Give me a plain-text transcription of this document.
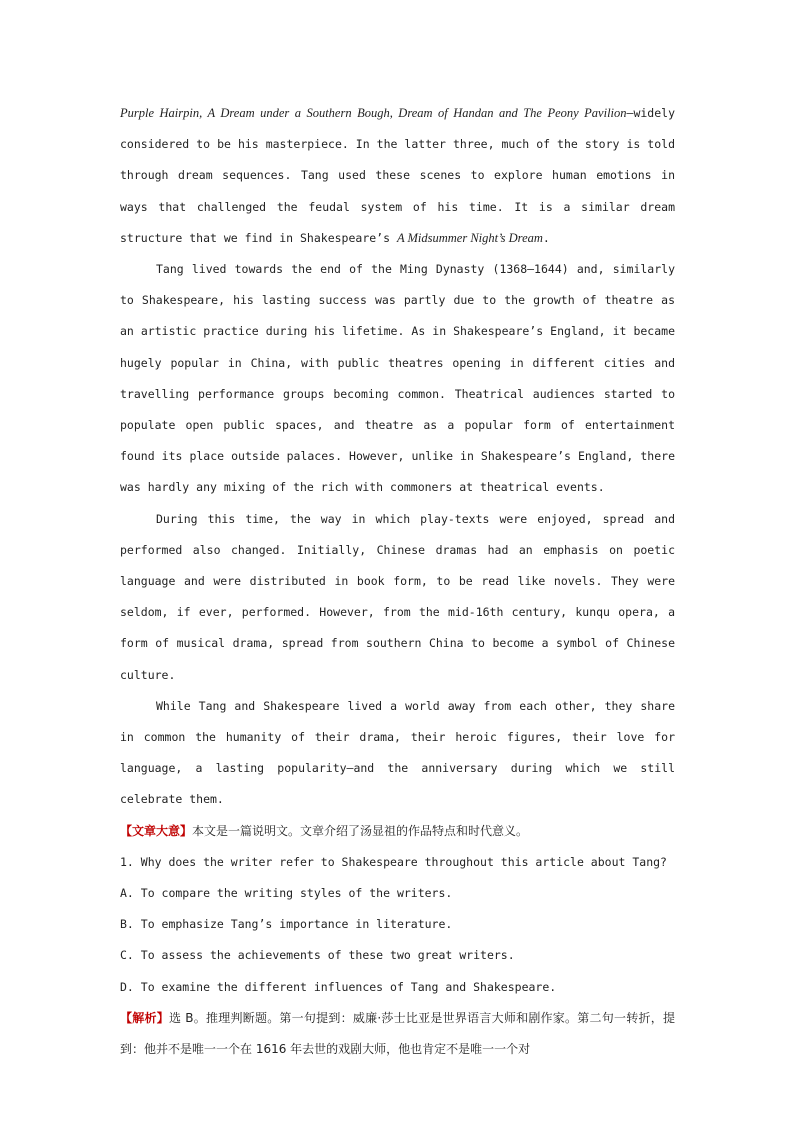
Purple Hairpin, A Dream under a Southern Bough, Dream of Handan and The Peony Pavilion—widely considered to be his masterpiece. In the latter three, much of the story is told through dream sequences. Tang used these scenes to explore human emotions in ways that challenged the feudal system of his time. It is a similar dream structure that we find in Shakespeare’s A Midsummer Night’s Dream.

Tang lived towards the end of the Ming Dynasty (1368—1644) and, similarly to Shakespeare, his lasting success was partly due to the growth of theatre as an artistic practice during his lifetime. As in Shakespeare’s England, it became hugely popular in China, with public theatres opening in different cities and travelling performance groups becoming common. Theatrical audiences started to populate open public spaces, and theatre as a popular form of entertainment found its place outside palaces. However, unlike in Shakespeare’s England, there was hardly any mixing of the rich with commoners at theatrical events.

During this time, the way in which play-texts were enjoyed, spread and performed also changed. Initially, Chinese dramas had an emphasis on poetic language and were distributed in book form, to be read like novels. They were seldom, if ever, performed. However, from the mid-16th century, kunqu opera, a form of musical drama, spread from southern China to become a symbol of Chinese culture.

While Tang and Shakespeare lived a world away from each other, they share in common the humanity of their drama, their heroic figures, their love for language, a lasting popularity—and the anniversary during which we still celebrate them.

【文章大意】本文是一篇说明文。文章介绍了汤显祖的作品特点和时代意义。

1. Why does the writer refer to Shakespeare throughout this article about Tang?

A. To compare the writing styles of the writers.

B. To emphasize Tang’s importance in literature.

C. To assess the achievements of these two great writers.

D. To examine the different influences of Tang and Shakespeare.

【解析】选 B。推理判断题。第一句提到：威廉·莎士比亚是世界语言大师和剧作家。第二句一转折，提到：他并不是唯一一个在 1616 年去世的戏剧大师，他也肯定不是唯一一个对
